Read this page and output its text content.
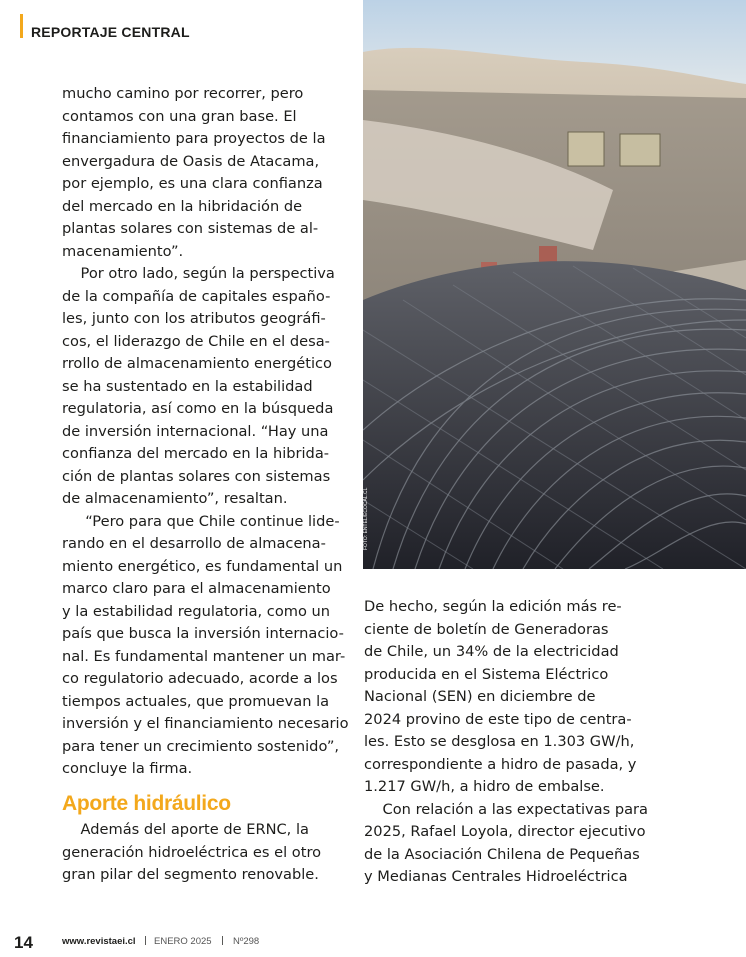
REPORTAJE CENTRAL

mucho camino por recorrer, pero

contamos con una gran base. El

financiamiento para proyectos de la

envergadura de Oasis de Atacama,

por ejemplo, es una clara confianza

del mercado en la hibridación de

plantas solares con sistemas de al-

macenamiento”.

Por otro lado, según la perspectiva

de la compañía de capitales españo-

les, junto con los atributos geográfi-

cos, el liderazgo de Chile en el desa-

rrollo de almacenamiento energético

se ha sustentado en la estabilidad

regulatoria, así como en la búsqueda

de inversión internacional. “Hay una

confianza del mercado en la hibrida-

ción de plantas solares con sistemas

de almacenamiento”, resaltan.

“Pero para que Chile continue lide-

rando en el desarrollo de almacena-

miento energético, es fundamental un

marco claro para el almacenamiento

y la estabilidad regulatoria, como un

país que busca la inversión internacio-

nal. Es fundamental mantener un mar-

co regulatorio adecuado, acorde a los

tiempos actuales, que promuevan la

inversión y el financiamiento necesario

para tener un crecimiento sostenido”,

concluye la firma.

Aporte hidráulico

Además del aporte de ERNC, la

generación hidroeléctrica es el otro

gran pilar del segmento renovable.

FOTO: ENTEL/ECOCAL.CL

De hecho, según la edición más re-

ciente de boletín de Generadoras

de Chile, un 34% de la electricidad

producida en el Sistema Eléctrico

Nacional (SEN) en diciembre de

2024 provino de este tipo de centra-

les. Esto se desglosa en 1.303 GW/h,

correspondiente a hidro de pasada, y

1.217 GW/h, a hidro de embalse.

Con relación a las expectativas para

2025, Rafael Loyola, director ejecutivo

de la Asociación Chilena de Pequeñas

y Medianas Centrales Hidroeléctrica

14	www.revistaei.cl | ENERO 2025 | Nº298
